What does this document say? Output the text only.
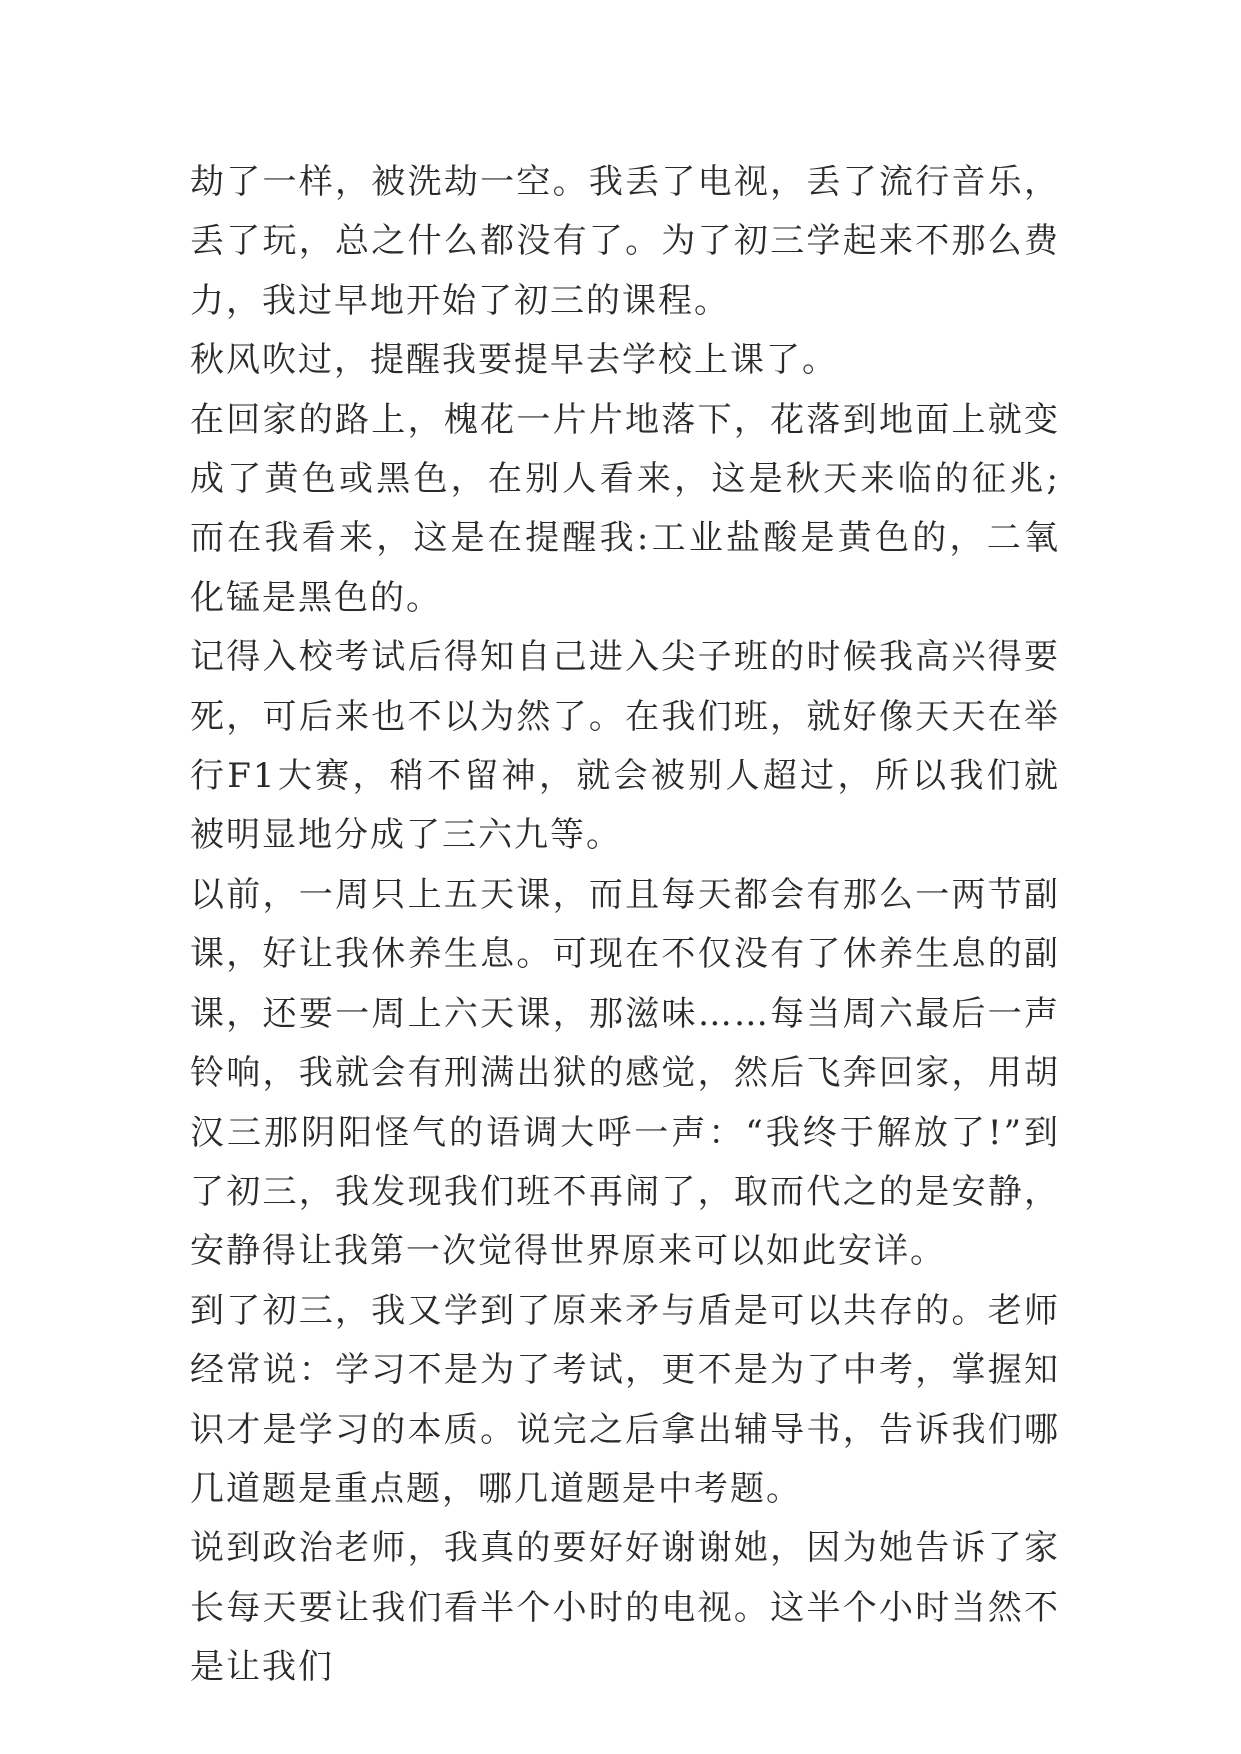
劫了一样，被洗劫一空。我丢了电视，丢了流行音乐，丢了玩，总之什么都没有了。为了初三学起来不那么费力，我过早地开始了初三的课程。

秋风吹过，提醒我要提早去学校上课了。

在回家的路上，槐花一片片地落下，花落到地面上就变成了黄色或黑色，在别人看来，这是秋天来临的征兆;而在我看来，这是在提醒我:工业盐酸是黄色的，二氧化锰是黑色的。

记得入校考试后得知自己进入尖子班的时候我高兴得要死，可后来也不以为然了。在我们班，就好像天天在举行F1大赛，稍不留神，就会被别人超过，所以我们就被明显地分成了三六九等。

以前，一周只上五天课，而且每天都会有那么一两节副课，好让我休养生息。可现在不仅没有了休养生息的副课，还要一周上六天课，那滋味……每当周六最后一声铃响，我就会有刑满出狱的感觉，然后飞奔回家，用胡汉三那阴阳怪气的语调大呼一声：“我终于解放了!”到了初三，我发现我们班不再闹了，取而代之的是安静，安静得让我第一次觉得世界原来可以如此安详。

到了初三，我又学到了原来矛与盾是可以共存的。老师经常说：学习不是为了考试，更不是为了中考，掌握知识才是学习的本质。说完之后拿出辅导书，告诉我们哪几道题是重点题，哪几道题是中考题。

说到政治老师，我真的要好好谢谢她，因为她告诉了家长每天要让我们看半个小时的电视。这半个小时当然不是让我们
